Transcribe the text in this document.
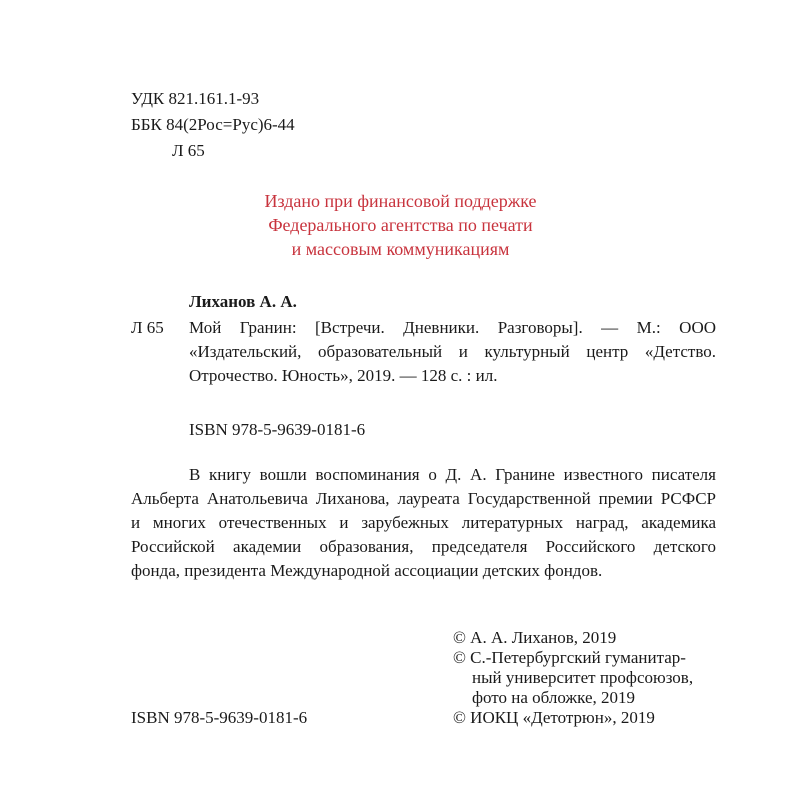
УДК 821.161.1-93
ББК 84(2Рос=Рус)6-44
Л 65
Издано при финансовой поддержке
Федерального агентства по печати
и массовым коммуникациям
Лиханов А. А.
Л 65 Мой Гранин: [Встречи. Дневники. Разговоры]. — М.: ООО
«Издательский, образовательный и культурный центр «Детство.
Отрочество. Юность», 2019. — 128 с. : ил.
ISBN 978-5-9639-0181-6
В книгу вошли воспоминания о Д. А. Гранине известного писателя
Альберта Анатольевича Лиханова, лауреата Государственной премии РСФСР
и многих отечественных и зарубежных литературных наград, академика
Российской академии образования, председателя Российского детского
фонда, президента Международной ассоциации детских фондов.
© А. А. Лиханов, 2019
© С.-Петербургский гуманитар-
ный университет профсоюзов,
фото на обложке, 2019
© ИОКЦ «Детотрюн», 2019
ISBN 978-5-9639-0181-6
